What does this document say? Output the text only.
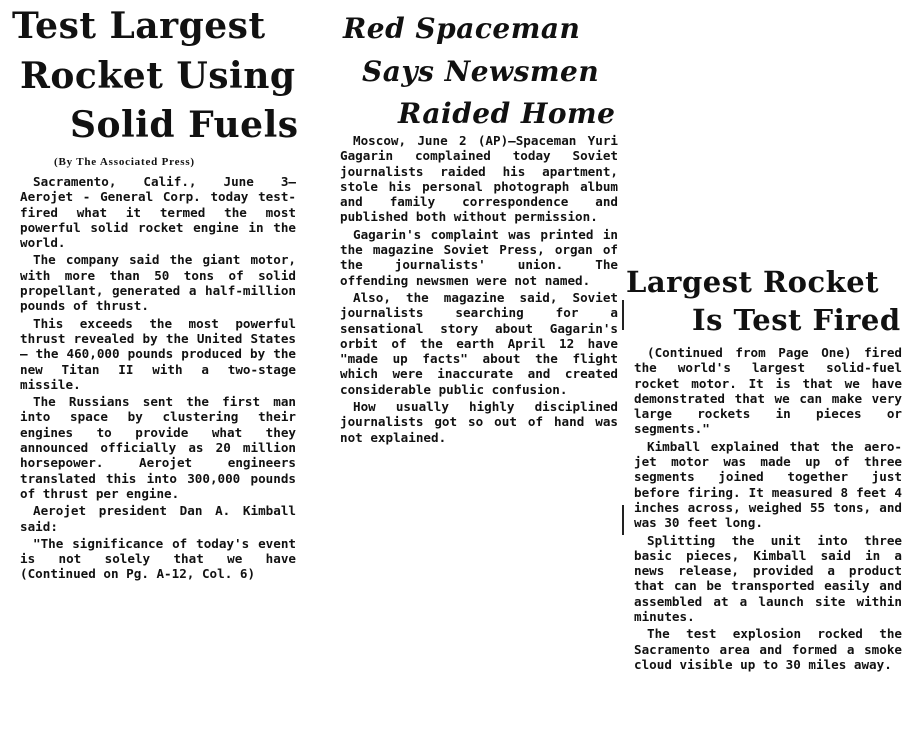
Test Largest
Rocket Using
Solid Fuels
(By The Associated Press)

Sacramento, Calif., June 3— Aerojet - General Corp. today test-fired what it termed the most powerful solid rocket engine in the world.

The company said the giant motor, with more than 50 tons of solid propellant, generated a half-million pounds of thrust.

This exceeds the most powerful thrust revealed by the United States — the 460,000 pounds produced by the new Titan II with a two-stage missile.

The Russians sent the first man into space by clustering their engines to provide what they announced officially as 20 million horsepower. Aerojet engineers translated this into 300,000 pounds of thrust per engine.

Aerojet president Dan A. Kimball said:

"The significance of today's event is not solely that we have (Continued on Pg. A-12, Col. 6)

Red Spaceman
Says Newsmen
Raided Home

Moscow, June 2 (AP)—Spaceman Yuri Gagarin complained today Soviet journalists raided his apartment, stole his personal photograph album and family correspondence and published both without permission.

Gagarin's complaint was printed in the magazine Soviet Press, organ of the journalists' union. The offending newsmen were not named.

Also, the magazine said, Soviet journalists searching for a sensational story about Gagarin's orbit of the earth April 12 have "made up facts" about the flight which were inaccurate and created considerable public confusion.

How usually highly disciplined journalists got so out of hand was not explained.

Largest Rocket
Is Test Fired

(Continued from Page One) fired the world's largest solid-fuel rocket motor. It is that we have demonstrated that we can make very large rockets in pieces or segments."

Kimball explained that the aero-jet motor was made up of three segments joined together just before firing. It measured 8 feet 4 inches across, weighed 55 tons, and was 30 feet long.

Splitting the unit into three basic pieces, Kimball said in a news release, provided a product that can be transported easily and assembled at a launch site within minutes.

The test explosion rocked the Sacramento area and formed a smoke cloud visible up to 30 miles away.
